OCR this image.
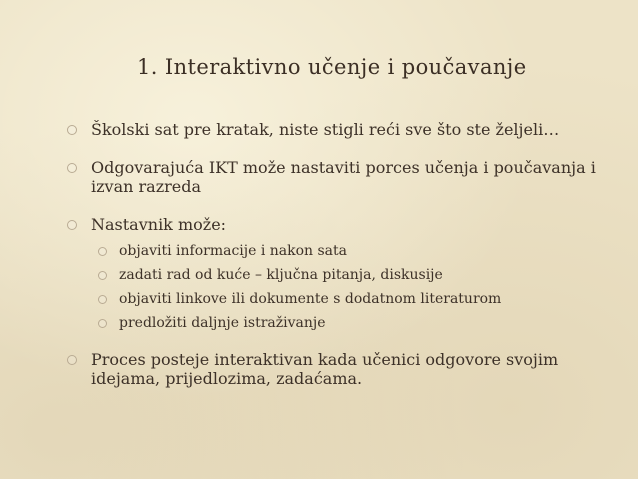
1. Interaktivno učenje i poučavanje
Školski sat pre kratak, niste stigli reći sve što ste željeli…
Odgovarajuća IKT može nastaviti porces učenja i poučavanja i izvan razreda
Nastavnik može:
objaviti informacije i nakon sata
zadati rad od kuće – ključna pitanja, diskusije
objaviti linkove ili dokumente s dodatnom literaturom
predložiti daljnje istraživanje
Proces posteje interaktivan kada učenici odgovore svojim idejama, prijedlozima, zadaćama.
